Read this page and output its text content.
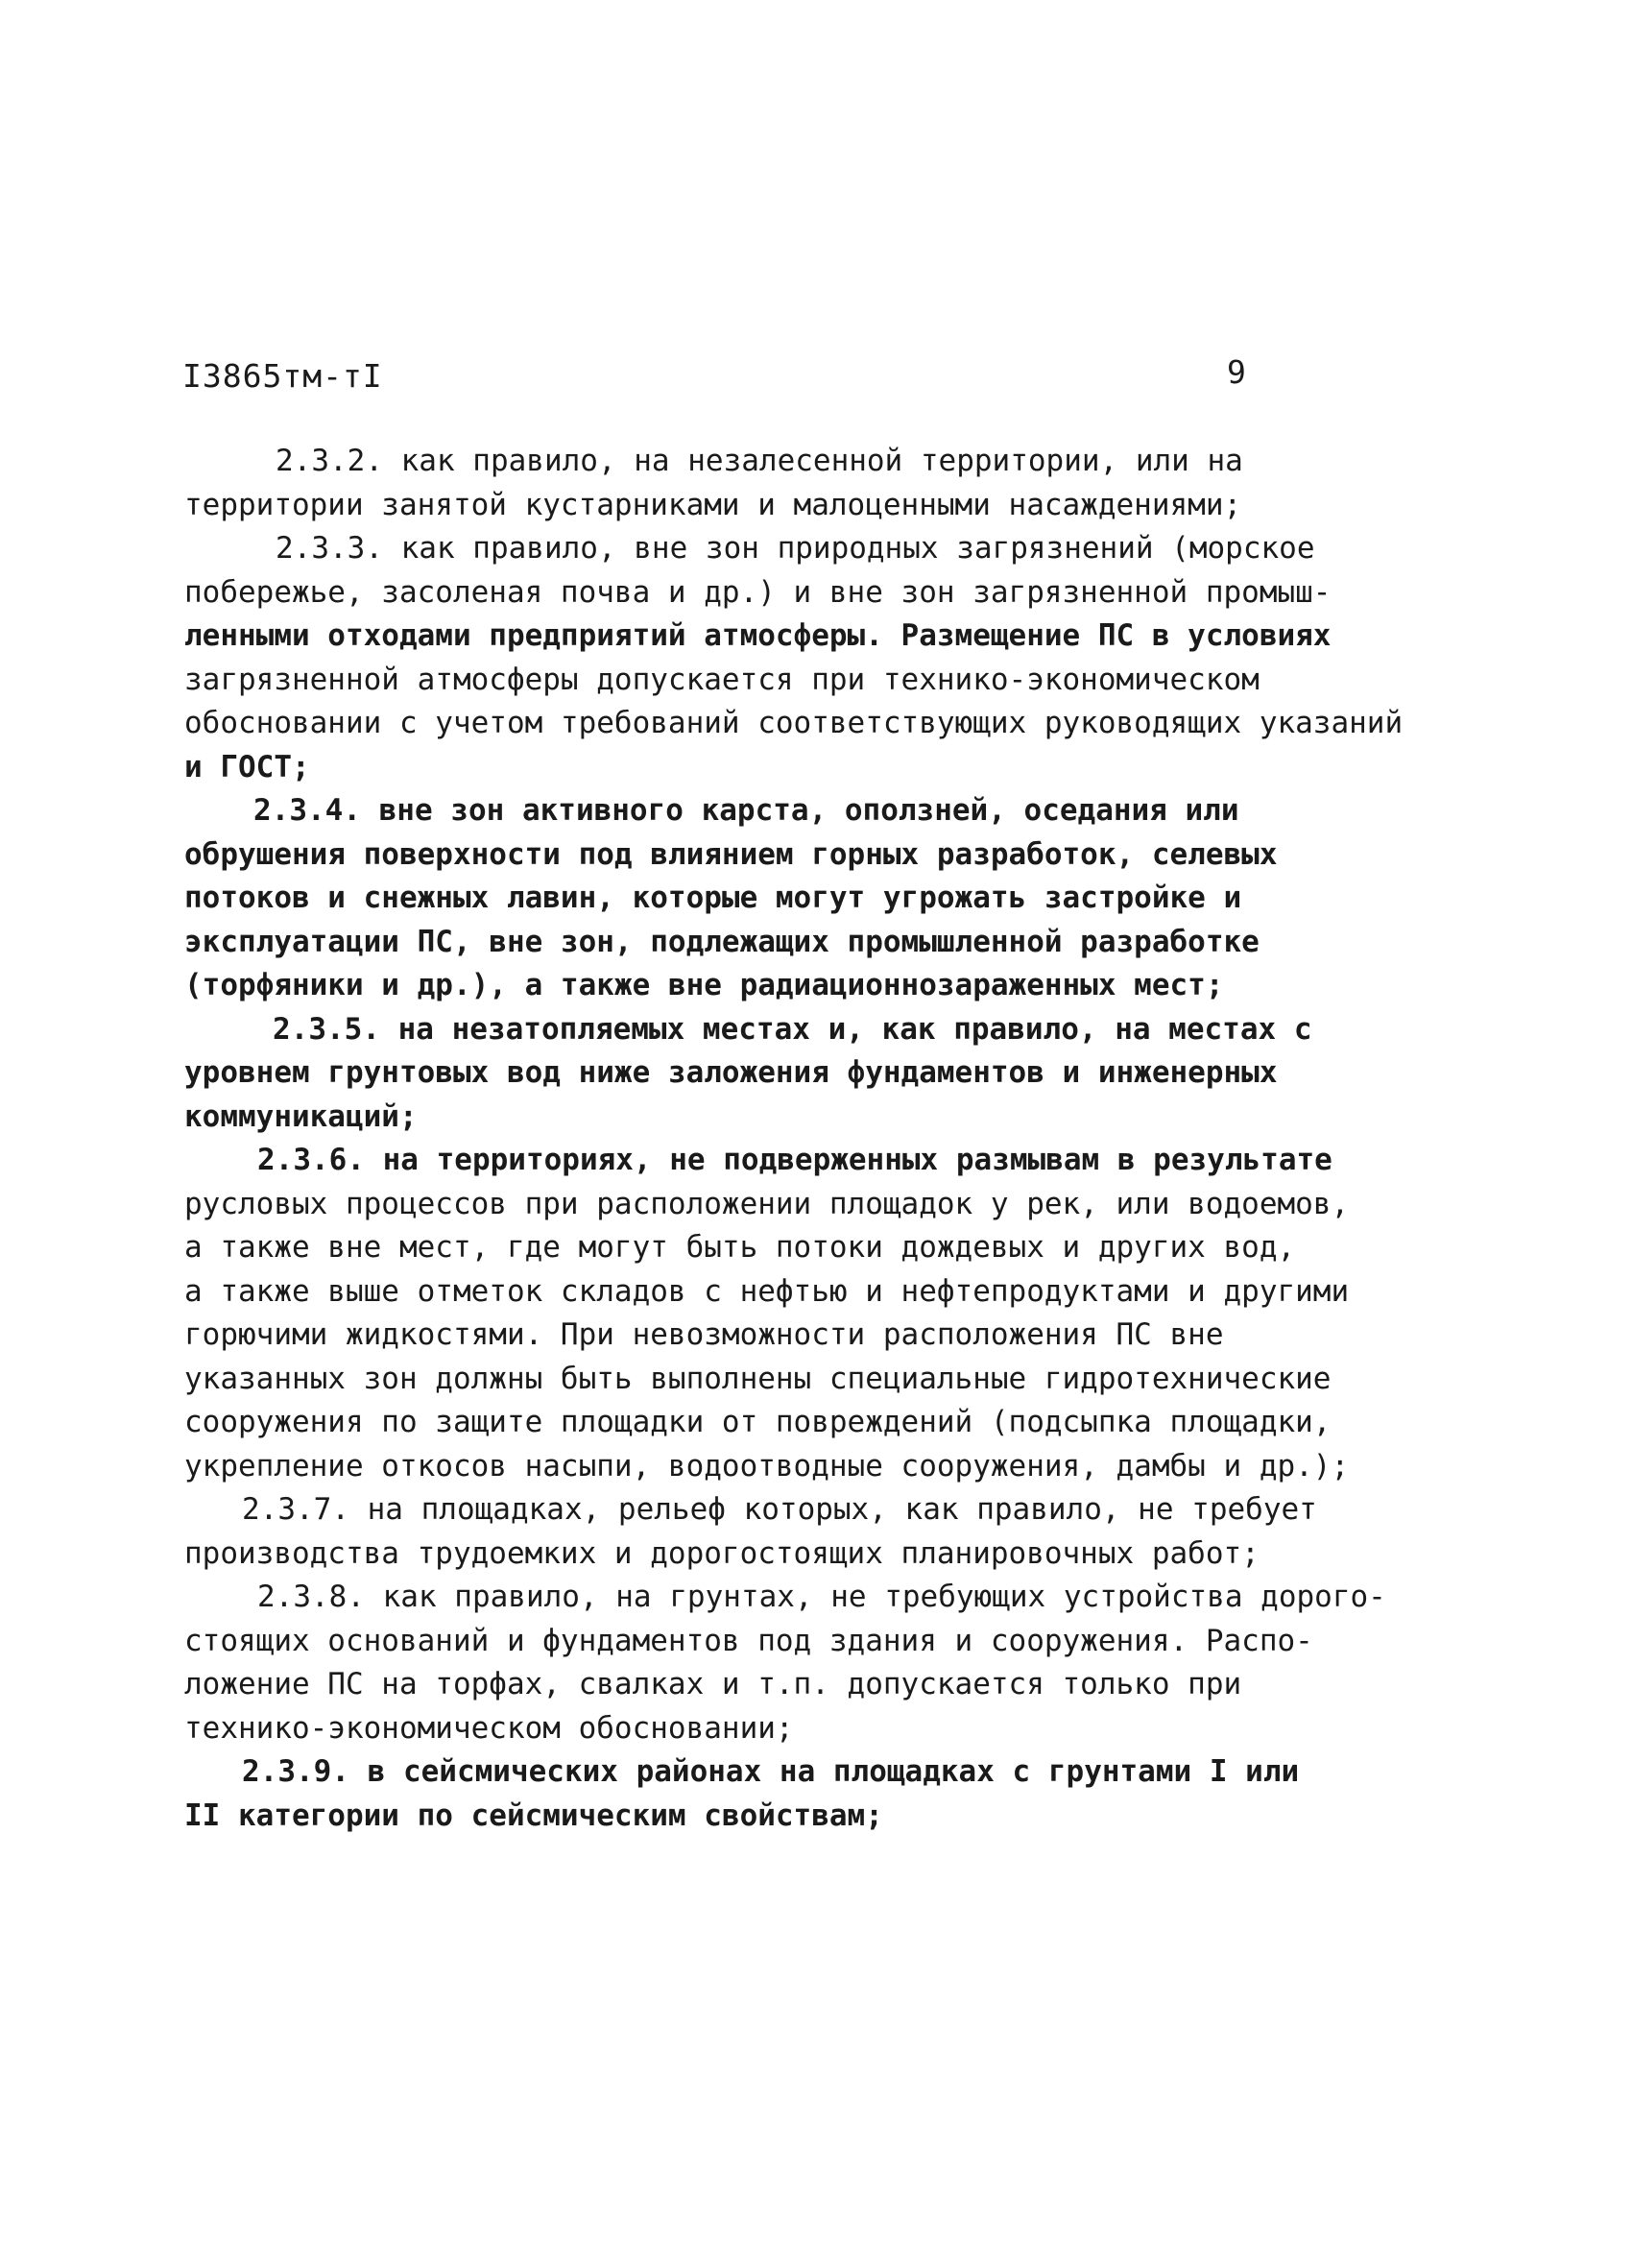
I3865тм-тI	9

2.3.2. как правило, на незалесенной территории, или на
территории занятой кустарниками и малоценными насаждениями;

2.3.3. как правило, вне зон природных загрязнений (морское
побережье, засоленая почва и др.) и вне зон загрязненной промыш-
ленными отходами предприятий атмосферы. Размещение ПС в условиях
загрязненной атмосферы допускается при технико-экономическом
обосновании с учетом требований соответствующих руководящих указаний
и ГОСТ;

2.3.4. вне зон активного карста, оползней, оседания или
обрушения поверхности под влиянием горных разработок, селевых
потоков и снежных лавин, которые могут угрожать застройке и
эксплуатации ПС, вне зон, подлежащих промышленной разработке
(торфяники и др.), а также вне радиационнозараженных мест;

2.3.5. на незатопляемых местах и, как правило, на местах с
уровнем грунтовых вод ниже заложения фундаментов и инженерных
коммуникаций;

2.3.6. на территориях, не подверженных размывам в результате
русловых процессов при расположении площадок у рек, или водоемов,
а также вне мест, где могут быть потоки дождевых и других вод,
а также выше отметок складов с нефтью и нефтепродуктами и другими
горючими жидкостями. При невозможности расположения ПС вне
указанных зон должны быть выполнены специальные гидротехнические
сооружения по защите площадки от повреждений (подсыпка площадки,
укрепление откосов насыпи, водоотводные сооружения, дамбы и др.);

2.3.7. на площадках, рельеф которых, как правило, не требует
производства трудоемких и дорогостоящих планировочных работ;

2.3.8. как правило, на грунтах, не требующих устройства дорого-
стоящих оснований и фундаментов под здания и сооружения. Распо-
ложение ПС на торфах, свалках и т.п. допускается только при
технико-экономическом обосновании;

2.3.9. в сейсмических районах на площадках с грунтами I или
II категории по сейсмическим свойствам;
